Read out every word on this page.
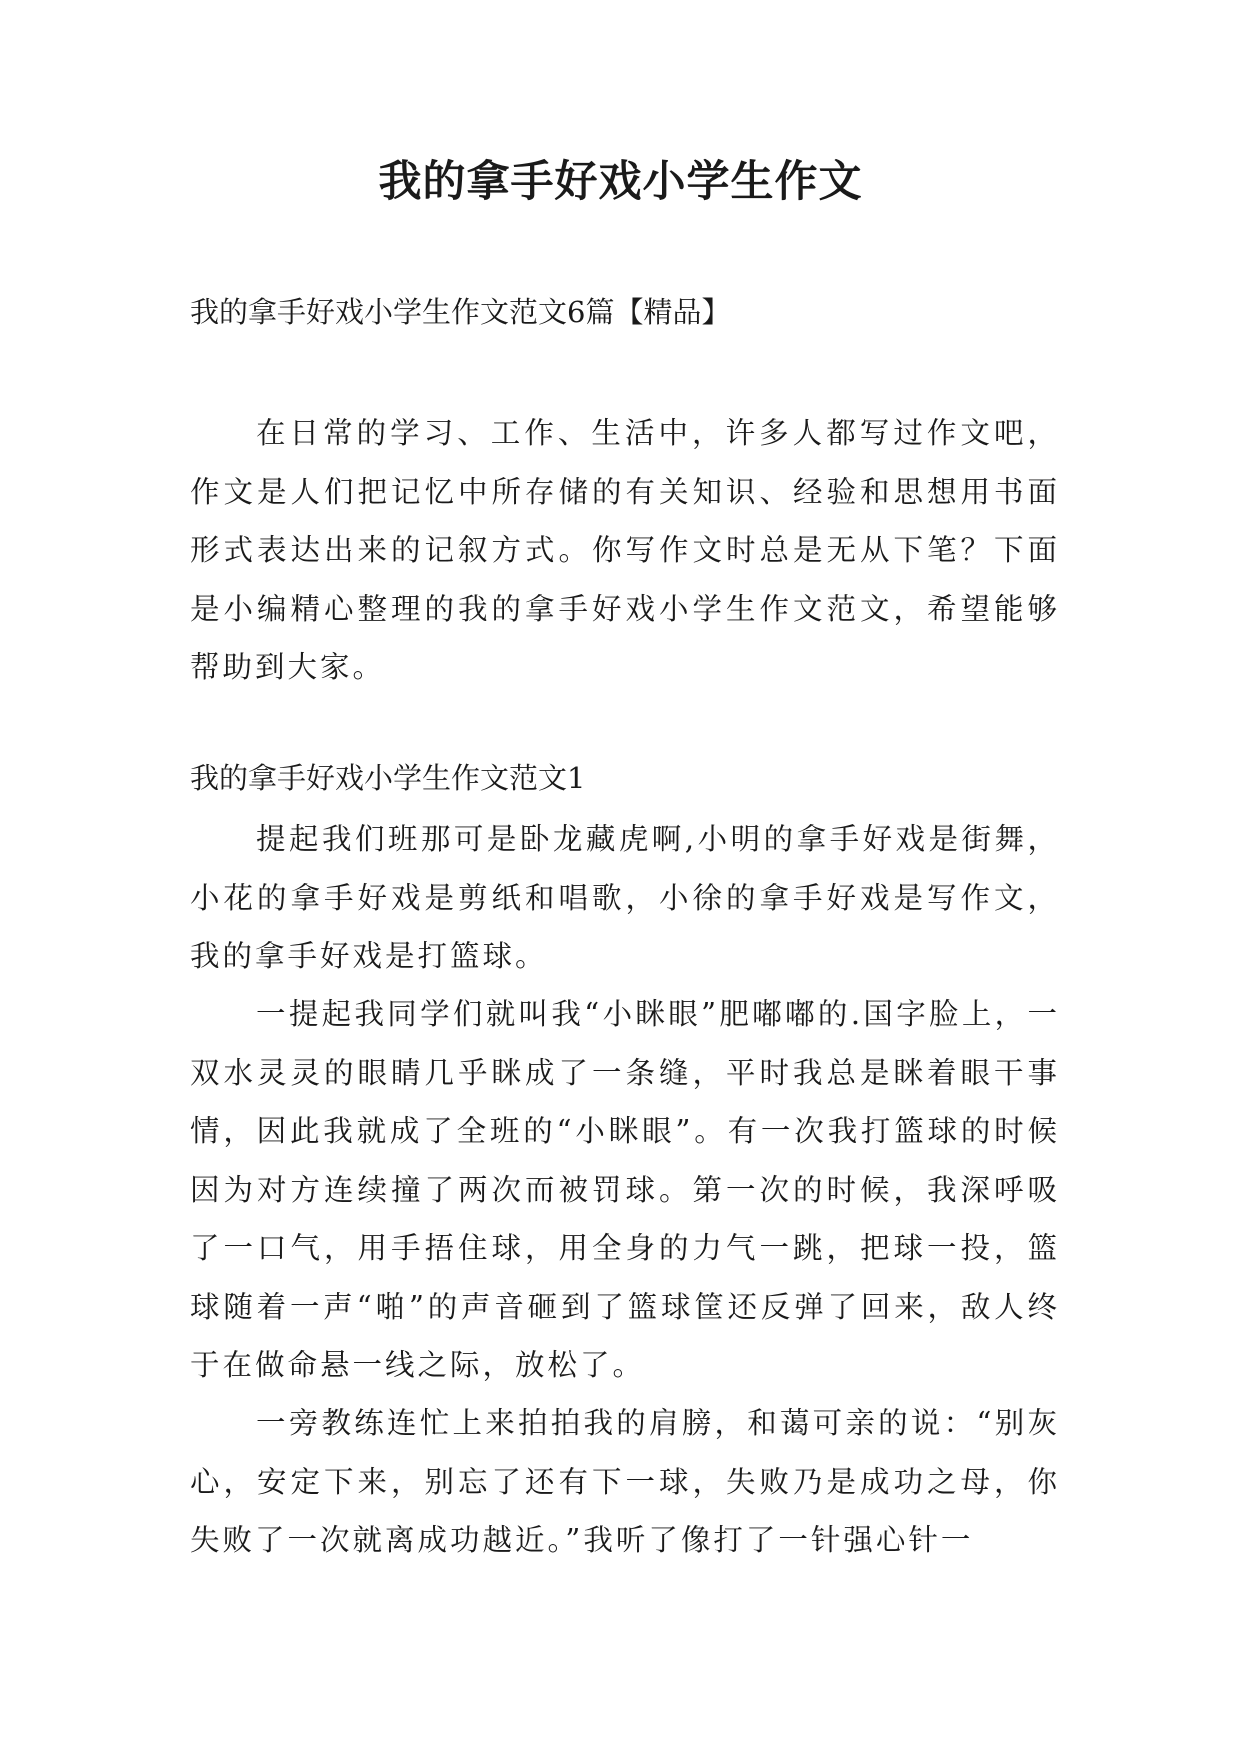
我的拿手好戏小学生作文

我的拿手好戏小学生作文范文6篇【精品】

在日常的学习、工作、生活中，许多人都写过作文吧，作文是人们把记忆中所存储的有关知识、经验和思想用书面形式表达出来的记叙方式。你写作文时总是无从下笔？下面是小编精心整理的我的拿手好戏小学生作文范文，希望能够帮助到大家。

我的拿手好戏小学生作文范文1

提起我们班那可是卧龙藏虎啊,小明的拿手好戏是街舞，小花的拿手好戏是剪纸和唱歌，小徐的拿手好戏是写作文，我的拿手好戏是打篮球。

一提起我同学们就叫我“小眯眼”肥嘟嘟的.国字脸上，一双水灵灵的眼睛几乎眯成了一条缝，平时我总是眯着眼干事情，因此我就成了全班的“小眯眼”。有一次我打篮球的时候因为对方连续撞了两次而被罚球。第一次的时候，我深呼吸了一口气，用手捂住球，用全身的力气一跳，把球一投，篮球随着一声“啪”的声音砸到了篮球筐还反弹了回来，敌人终于在做命悬一线之际，放松了。

一旁教练连忙上来拍拍我的肩膀，和蔼可亲的说：“别灰心，安定下来，别忘了还有下一球，失败乃是成功之母，你失败了一次就离成功越近。”我听了像打了一针强心针一
